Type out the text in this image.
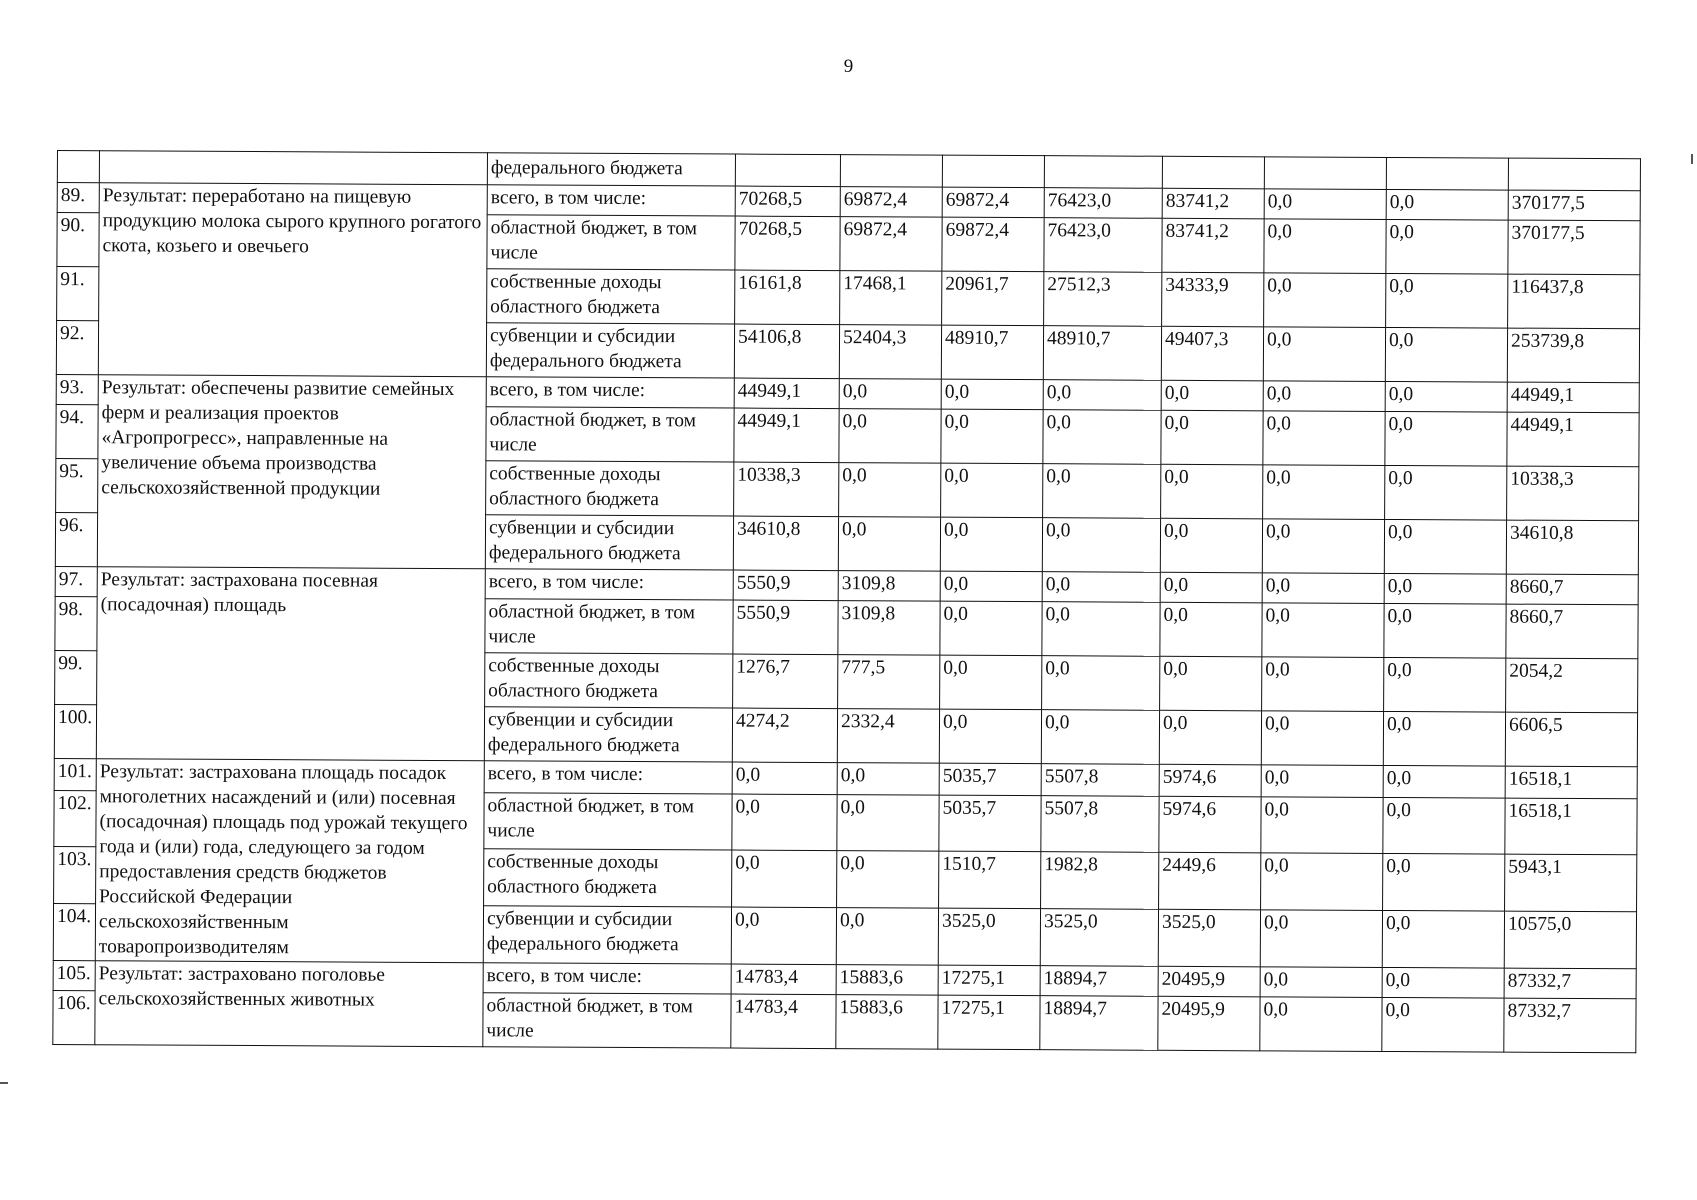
9
		федерального бюджета								
89.	Результат: переработано на пищевую продукцию молока сырого крупного рогатого скота, козьего и овечьего	всего, в том числе:	70268,5	69872,4	69872,4	76423,0	83741,2	0,0	0,0	370177,5
90.		областной бюджет, в том числе	70268,5	69872,4	69872,4	76423,0	83741,2	0,0	0,0	370177,5
91.		собственные доходы областного бюджета	16161,8	17468,1	20961,7	27512,3	34333,9	0,0	0,0	116437,8
92.		субвенции и субсидии федерального бюджета	54106,8	52404,3	48910,7	48910,7	49407,3	0,0	0,0	253739,8
93.	Результат: обеспечены развитие семейных ферм и реализация проектов «Агропрогресс», направленные на увеличение объема производства сельскохозяйственной продукции	всего, в том числе:	44949,1	0,0	0,0	0,0	0,0	0,0	0,0	44949,1
94.		областной бюджет, в том числе	44949,1	0,0	0,0	0,0	0,0	0,0	0,0	44949,1
95.		собственные доходы областного бюджета	10338,3	0,0	0,0	0,0	0,0	0,0	0,0	10338,3
96.		субвенции и субсидии федерального бюджета	34610,8	0,0	0,0	0,0	0,0	0,0	0,0	34610,8
97.	Результат: застрахована посевная (посадочная) площадь	всего, в том числе:	5550,9	3109,8	0,0	0,0	0,0	0,0	0,0	8660,7
98.		областной бюджет, в том числе	5550,9	3109,8	0,0	0,0	0,0	0,0	0,0	8660,7
99.		собственные доходы областного бюджета	1276,7	777,5	0,0	0,0	0,0	0,0	0,0	2054,2
100.		субвенции и субсидии федерального бюджета	4274,2	2332,4	0,0	0,0	0,0	0,0	0,0	6606,5
101.	Результат: застрахована площадь посадок многолетних насаждений и (или) посевная (посадочная) площадь под урожай текущего года и (или) года, следующего за годом предоставления средств бюджетов Российской Федерации сельскохозяйственным товаропроизводителям	всего, в том числе:	0,0	0,0	5035,7	5507,8	5974,6	0,0	0,0	16518,1
102.		областной бюджет, в том числе	0,0	0,0	5035,7	5507,8	5974,6	0,0	0,0	16518,1
103.		собственные доходы областного бюджета	0,0	0,0	1510,7	1982,8	2449,6	0,0	0,0	5943,1
104.		субвенции и субсидии федерального бюджета	0,0	0,0	3525,0	3525,0	3525,0	0,0	0,0	10575,0
105.	Результат: застраховано поголовье сельскохозяйственных животных	всего, в том числе:	14783,4	15883,6	17275,1	18894,7	20495,9	0,0	0,0	87332,7
106.		областной бюджет, в том числе	14783,4	15883,6	17275,1	18894,7	20495,9	0,0	0,0	87332,7
